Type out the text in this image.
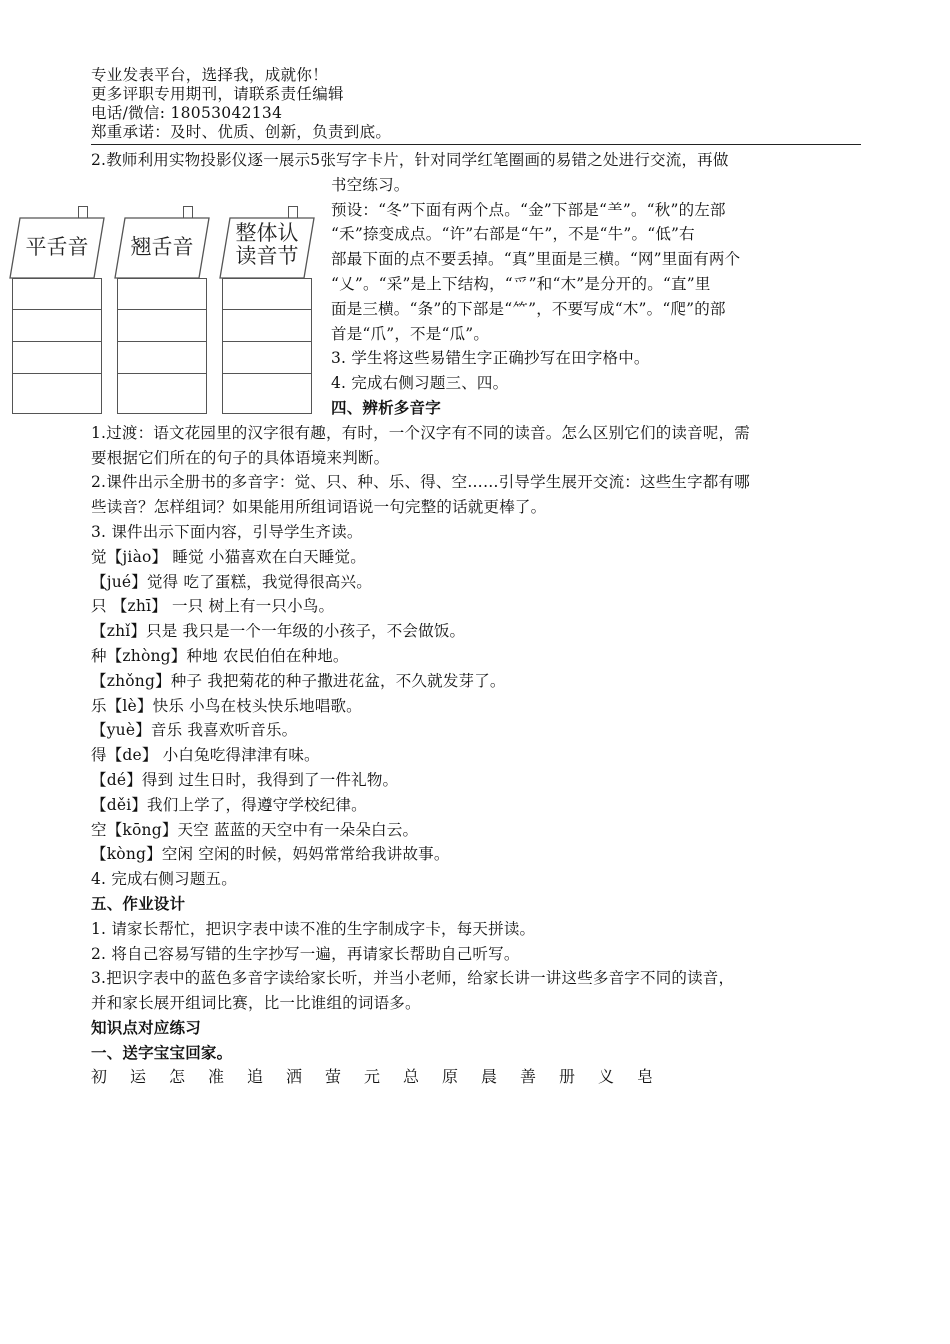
专业发表平台，选择我，成就你！
更多评职专用期刊，请联系责任编辑
电话/微信: 18053042134
郑重承诺：及时、优质、创新，负责到底。
2.教师利用实物投影仪逐一展示5张写字卡片，针对同学红笔圈画的易错之处进行交流，再做
书空练习。
预设：“冬”下面有两个点。“金”下部是“⺷”。“秋”的左部
“禾”捺变成点。“许”右部是“午”，不是“牛”。“低”右
部最下面的点不要丢掉。“真”里面是三横。“网”里面有两个
“乂”。“采”是上下结构，“爫”和“木”是分开的。“直”里
面是三横。“条”的下部是“⺮”，不要写成“木”。“爬”的部
首是“爪”，不是“瓜”。
3. 学生将这些易错生字正确抄写在田字格中。
4. 完成右侧习题三、四。
四、辨析多音字
1.过渡：语文花园里的汉字很有趣，有时，一个汉字有不同的读音。怎么区别它们的读音呢，需
要根据它们所在的句子的具体语境来判断。
2.课件出示全册书的多音字：觉、只、种、乐、得、空……引导学生展开交流：这些生字都有哪
些读音？怎样组词？如果能用所组词语说一句完整的话就更棒了。
3. 课件出示下面内容，引导学生齐读。
觉【jiào】 睡觉 小猫喜欢在白天睡觉。
【jué】觉得 吃了蛋糕，我觉得很高兴。
只 【zhī】 一只 树上有一只小鸟。
【zhǐ】只是 我只是一个一年级的小孩子，不会做饭。
种【zhòng】种地 农民伯伯在种地。
【zhǒng】种子 我把菊花的种子撒进花盆，不久就发芽了。
乐【lè】快乐 小鸟在枝头快乐地唱歌。
【yuè】音乐 我喜欢听音乐。
得【de】 小白兔吃得津津有味。
【dé】得到 过生日时，我得到了一件礼物。
【děi】我们上学了，得遵守学校纪律。
空【kōng】天空 蓝蓝的天空中有一朵朵白云。
【kòng】空闲 空闲的时候，妈妈常常给我讲故事。
4. 完成右侧习题五。
五、作业设计
1. 请家长帮忙，把识字表中读不准的生字制成字卡，每天拼读。
2. 将自己容易写错的生字抄写一遍，再请家长帮助自己听写。
3.把识字表中的蓝色多音字读给家长听，并当小老师，给家长讲一讲这些多音字不同的读音，
并和家长展开组词比赛，比一比谁组的词语多。
知识点对应练习
一、送字宝宝回家。
初 运 怎 准 追 洒 萤 元 总 原 晨 善 册 义 皂
平舌音	翘舌音
整体认
读音节
